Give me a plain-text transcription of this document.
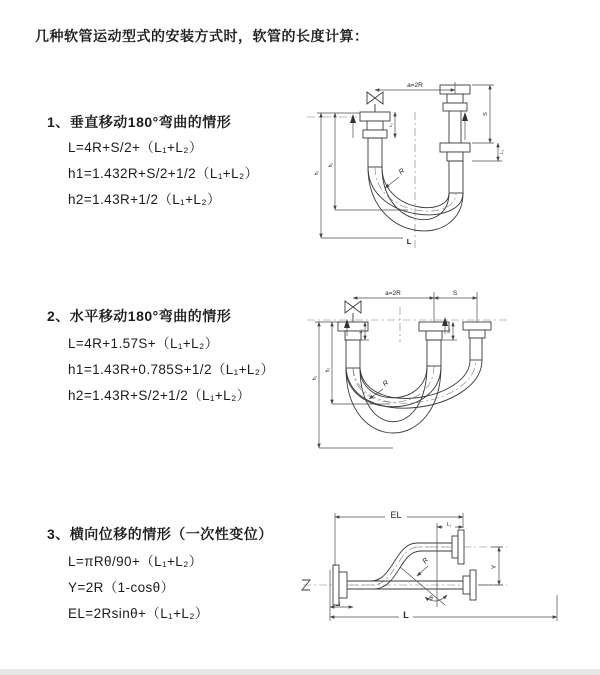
几种软管运动型式的安装方式时，软管的长度计算：
1、垂直移动180°弯曲的情形
L=4R+S/2+（L₁+L₂）
h1=1.432R+S/2+1/2（L₁+L₂）
h2=1.43R+1/2（L₁+L₂）
a=2R
S
L₁
L₁
h₁
h₂
R
L
2、水平移动180°弯曲的情形
L=4R+1.57S+（L₁+L₂）
h1=1.43R+0.785S+1/2（L₁+L₂）
h2=1.43R+S/2+1/2（L₁+L₂）
a=2R	S
L₁	L₁
h₁
h₂
R
3、横向位移的情形（一次性变位）
L=πRθ/90+（L₁+L₂）
Y=2R（1-cosθ）
EL=2Rsinθ+（L₁+L₂）
EL
L₁
L₁
Y
R
θ
L
